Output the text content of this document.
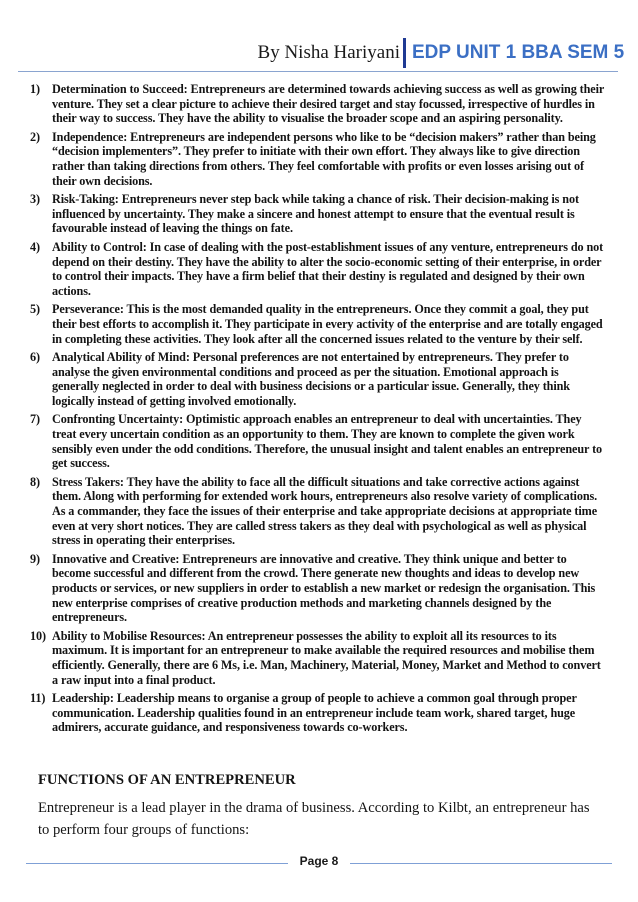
By Nisha Hariyani EDP UNIT 1 BBA SEM 5
1) Determination to Succeed: Entrepreneurs are determined towards achieving success as well as growing their venture. They set a clear picture to achieve their desired target and stay focussed, irrespective of hurdles in their way to success. They have the ability to visualise the broader scope and an aspiring personality.
2) Independence: Entrepreneurs are independent persons who like to be “decision makers” rather than being “decision implementers”. They prefer to initiate with their own effort. They always like to give direction rather than taking directions from others. They feel comfortable with profits or even losses arising out of their own decisions.
3) Risk-Taking: Entrepreneurs never step back while taking a chance of risk. Their decision-making is not influenced by uncertainty. They make a sincere and honest attempt to ensure that the eventual result is favourable instead of leaving the things on fate.
4) Ability to Control: In case of dealing with the post-establishment issues of any venture, entrepreneurs do not depend on their destiny. They have the ability to alter the socio-economic setting of their enterprise, in order to control their impacts. They have a firm belief that their destiny is regulated and designed by their own actions.
5) Perseverance: This is the most demanded quality in the entrepreneurs. Once they commit a goal, they put their best efforts to accomplish it. They participate in every activity of the enterprise and are totally engaged in completing these activities. They look after all the concerned issues related to the venture by their self.
6) Analytical Ability of Mind: Personal preferences are not entertained by entrepreneurs. They prefer to analyse the given environmental conditions and proceed as per the situation. Emotional approach is generally neglected in order to deal with business decisions or a particular issue. Generally, they think logically instead of getting involved emotionally.
7) Confronting Uncertainty: Optimistic approach enables an entrepreneur to deal with uncertainties. They treat every uncertain condition as an opportunity to them. They are known to complete the given work sensibly even under the odd conditions. Therefore, the unusual insight and talent enables an entrepreneur to get success.
8) Stress Takers: They have the ability to face all the difficult situations and take corrective actions against them. Along with performing for extended work hours, entrepreneurs also resolve variety of complications. As a commander, they face the issues of their enterprise and take appropriate decisions at appropriate time even at very short notices. They are called stress takers as they deal with psychological as well as physical stress in operating their enterprises.
9) Innovative and Creative: Entrepreneurs are innovative and creative. They think unique and better to become successful and different from the crowd. There generate new thoughts and ideas to develop new products or services, or new suppliers in order to establish a new market or redesign the organisation. This new enterprise comprises of creative production methods and marketing channels designed by the entrepreneurs.
10) Ability to Mobilise Resources: An entrepreneur possesses the ability to exploit all its resources to its maximum. It is important for an entrepreneur to make available the required resources and mobilise them efficiently. Generally, there are 6 Ms, i.e. Man, Machinery, Material, Money, Market and Method to convert a raw input into a final product.
11) Leadership: Leadership means to organise a group of people to achieve a common goal through proper communication. Leadership qualities found in an entrepreneur include team work, shared target, huge admirers, accurate guidance, and responsiveness towards co-workers.
FUNCTIONS OF AN ENTREPRENEUR
Entrepreneur is a lead player in the drama of business. According to Kilbt, an entrepreneur has to perform four groups of functions:
Page 8
